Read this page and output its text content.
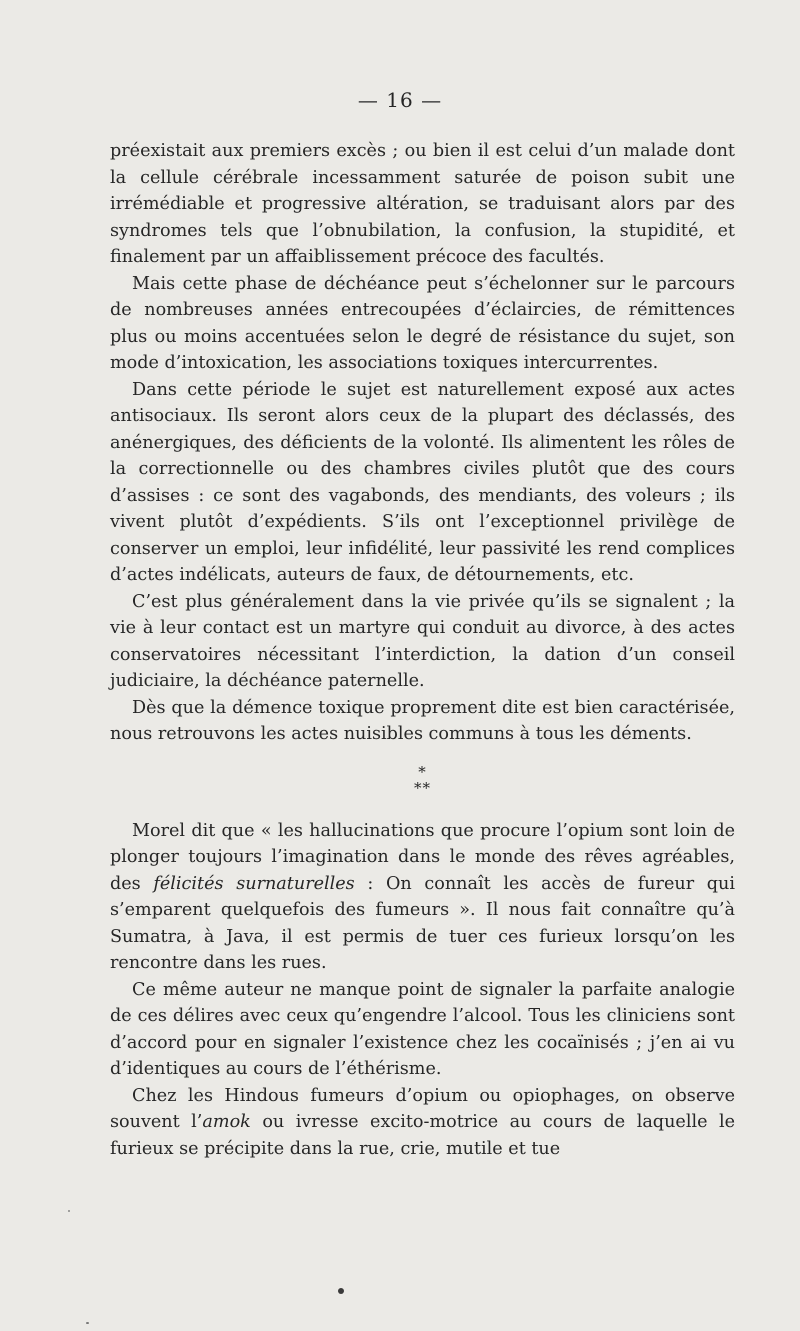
— 16 —

préexistait aux premiers excès ; ou bien il est celui d’un malade dont la cellule cérébrale incessamment saturée de poison subit une irrémédiable et progressive altération, se traduisant alors par des syndromes tels que l’obnubilation, la confusion, la stupidité, et finalement par un affaiblissement précoce des facultés.

Mais cette phase de déchéance peut s’échelonner sur le parcours de nombreuses années entrecoupées d’éclaircies, de rémittences plus ou moins accentuées selon le degré de résistance du sujet, son mode d’intoxication, les associations toxiques intercurrentes.

Dans cette période le sujet est naturellement exposé aux actes antisociaux. Ils seront alors ceux de la plupart des déclassés, des anénergiques, des déficients de la volonté. Ils alimentent les rôles de la correctionnelle ou des chambres civiles plutôt que des cours d’assises : ce sont des vagabonds, des mendiants, des voleurs ; ils vivent plutôt d’expédients. S’ils ont l’exceptionnel privilège de conserver un emploi, leur infidélité, leur passivité les rend complices d’actes indélicats, auteurs de faux, de détournements, etc.

C’est plus généralement dans la vie privée qu’ils se signalent ; la vie à leur contact est un martyre qui conduit au divorce, à des actes conservatoires nécessitant l’interdiction, la dation d’un conseil judiciaire, la déchéance paternelle.

Dès que la démence toxique proprement dite est bien caractérisée, nous retrouvons les actes nuisibles communs à tous les déments.

*
**

Morel dit que « les hallucinations que procure l’opium sont loin de plonger toujours l’imagination dans le monde des rêves agréables, des félicités surnaturelles : On connaît les accès de fureur qui s’emparent quelquefois des fumeurs ». Il nous fait connaître qu’à Sumatra, à Java, il est permis de tuer ces furieux lorsqu’on les rencontre dans les rues.

Ce même auteur ne manque point de signaler la parfaite analogie de ces délires avec ceux qu’engendre l’alcool. Tous les cliniciens sont d’accord pour en signaler l’existence chez les cocaïnisés ; j’en ai vu d’identiques au cours de l’éthérisme.

Chez les Hindous fumeurs d’opium ou opiophages, on observe souvent l’amok ou ivresse excito-motrice au cours de laquelle le furieux se précipite dans la rue, crie, mutile et tue
